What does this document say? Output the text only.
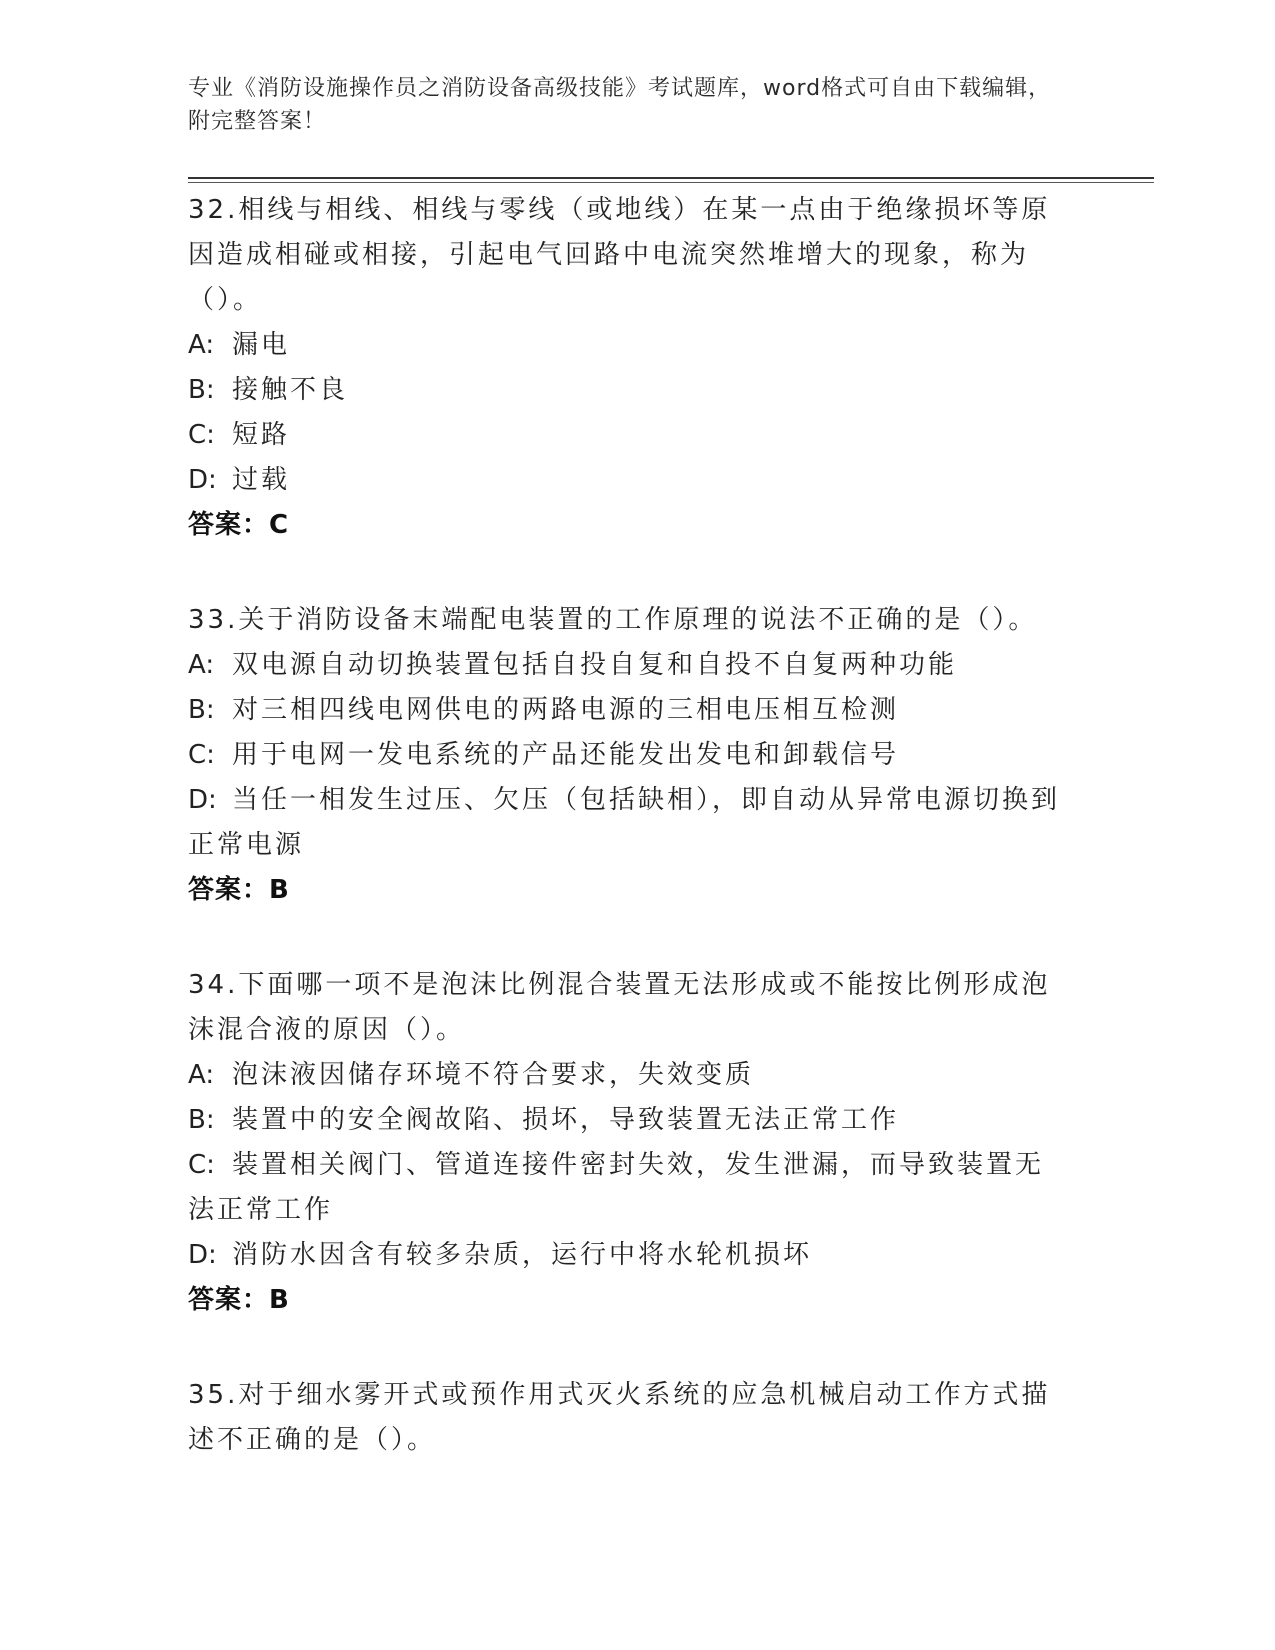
专业《消防设施操作员之消防设备高级技能》考试题库，word格式可自由下载编辑，附完整答案！

32.相线与相线、相线与零线（或地线）在某一点由于绝缘损坏等原因造成相碰或相接，引起电气回路中电流突然堆增大的现象，称为（）。

A: 漏电

B: 接触不良

C: 短路

D: 过载

答案：C

33.关于消防设备末端配电装置的工作原理的说法不正确的是（）。

A: 双电源自动切换装置包括自投自复和自投不自复两种功能

B: 对三相四线电网供电的两路电源的三相电压相互检测

C: 用于电网一发电系统的产品还能发出发电和卸载信号

D: 当任一相发生过压、欠压（包括缺相），即自动从异常电源切换到正常电源

答案：B

34.下面哪一项不是泡沫比例混合装置无法形成或不能按比例形成泡沫混合液的原因（）。

A: 泡沫液因储存环境不符合要求，失效变质

B: 装置中的安全阀故陷、损坏，导致装置无法正常工作

C: 装置相关阀门、管道连接件密封失效，发生泄漏，而导致装置无法正常工作

D: 消防水因含有较多杂质，运行中将水轮机损坏

答案：B

35.对于细水雾开式或预作用式灭火系统的应急机械启动工作方式描述不正确的是（）。
